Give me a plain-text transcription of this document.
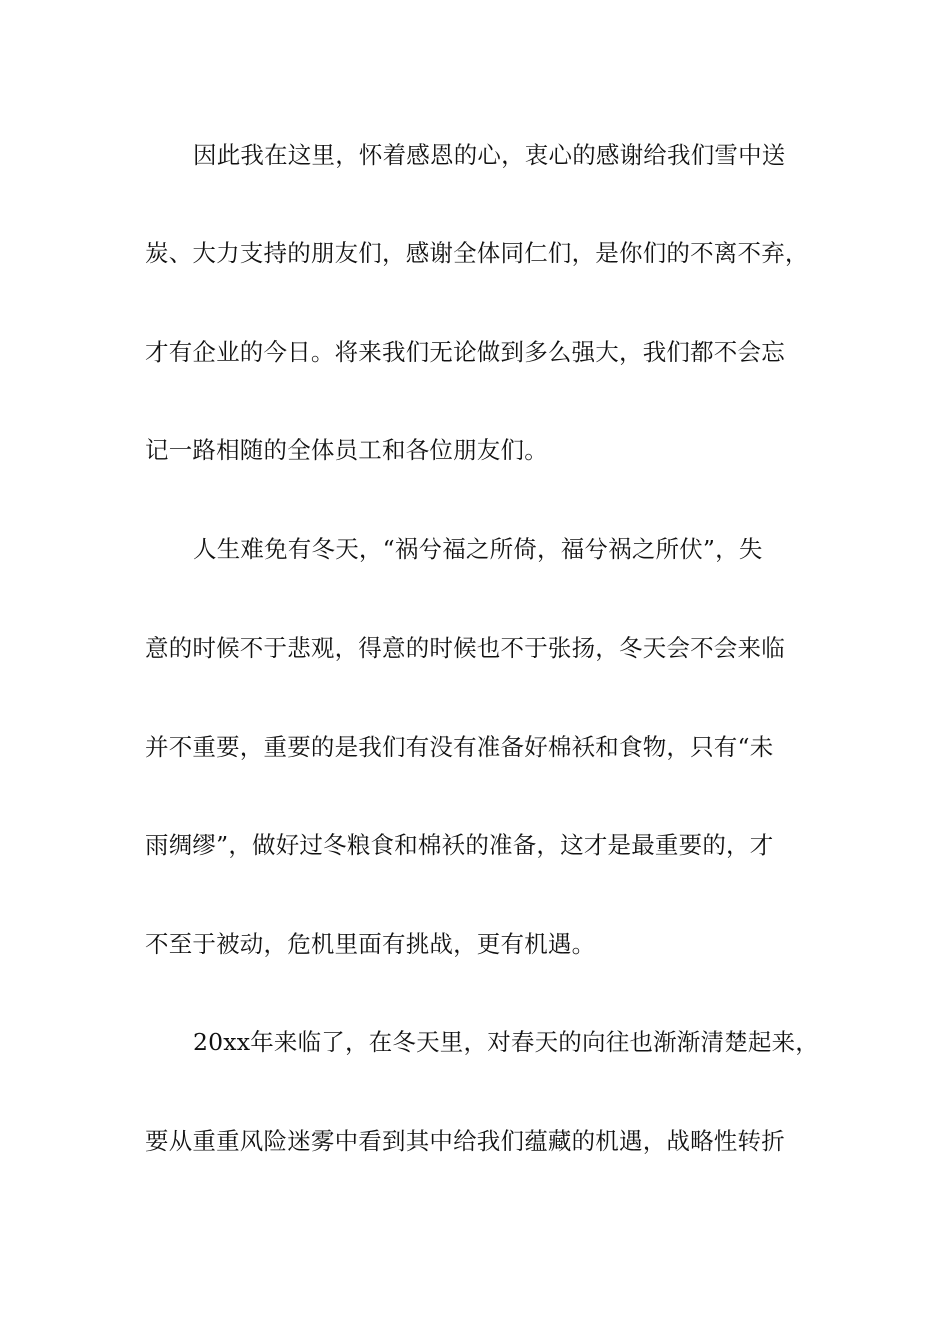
因此我在这里，怀着感恩的心，衷心的感谢给我们雪中送
炭、大力支持的朋友们，感谢全体同仁们，是你们的不离不弃，
才有企业的今日。将来我们无论做到多么强大，我们都不会忘
记一路相随的全体员工和各位朋友们。
人生难免有冬天，“祸兮福之所倚，福兮祸之所伏”，失
意的时候不于悲观，得意的时候也不于张扬，冬天会不会来临
并不重要，重要的是我们有没有准备好棉袄和食物，只有“未
雨绸缪”，做好过冬粮食和棉袄的准备，这才是最重要的，才
不至于被动，危机里面有挑战，更有机遇。
20xx年来临了，在冬天里，对春天的向往也渐渐清楚起来，
要从重重风险迷雾中看到其中给我们蕴藏的机遇，战略性转折
